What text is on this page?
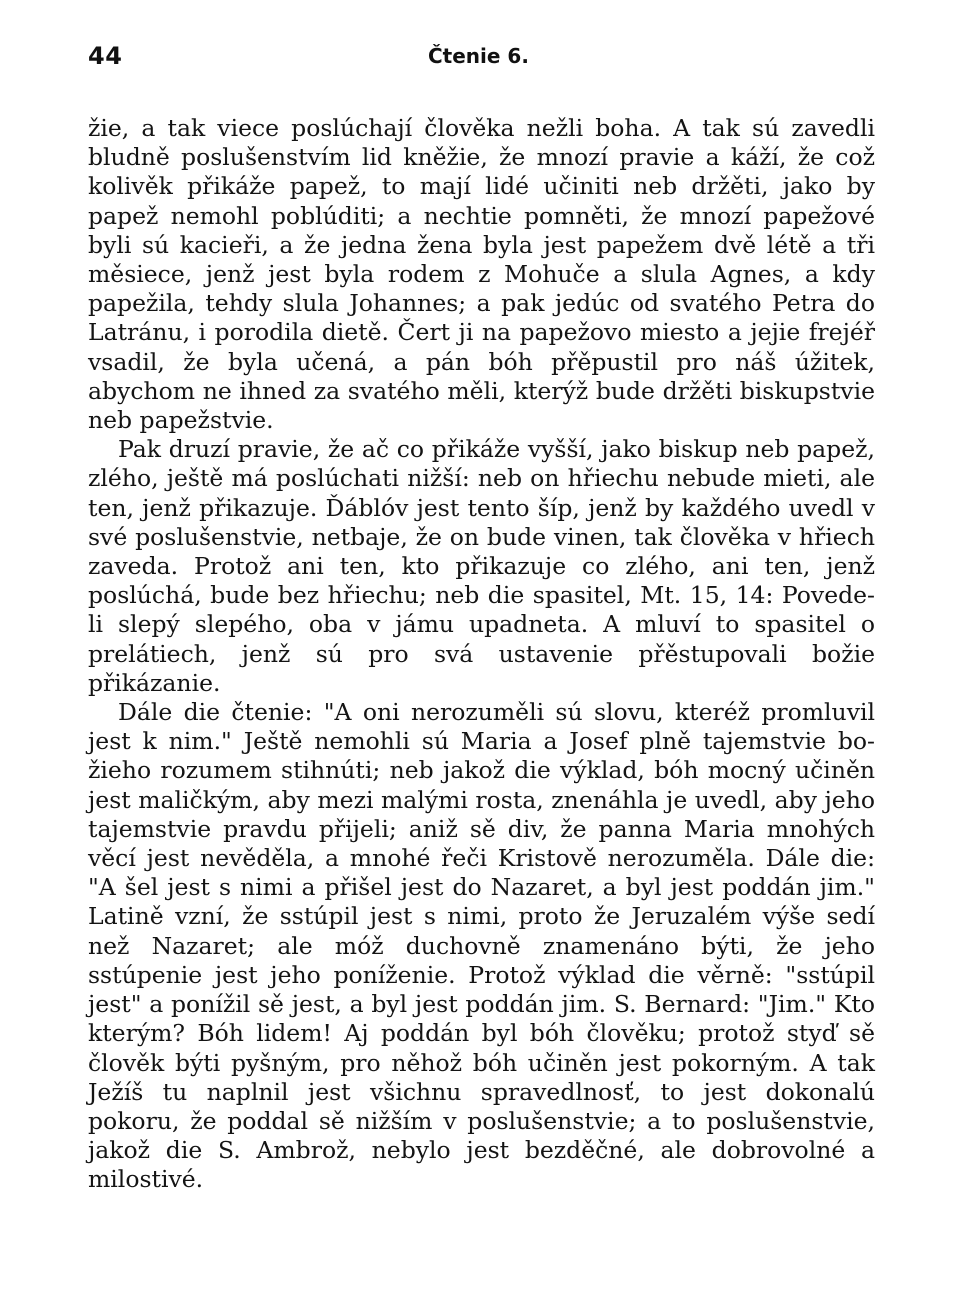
44	Čtenie 6.

žie, a tak viece poslúchají člověka nežli boha. A tak sú zavedli bludně poslušenstvím lid kněžie, že mnozí pravie a káží, že což kolivěk přikáže papež, to mají lidé učiniti neb držěti, jako by papež nemohl poblúditi; a nechtie pomněti, že mnozí papežové byli sú kacieři, a že jedna žena byla jest papežem dvě létě a tři měsiece, jenž jest byla rodem z Mohuče a slula Agnes, a kdy papežila, tehdy slula Johannes; a pak jedúc od svatého Petra do Latránu, i porodila dietě. Čert ji na papežovo miesto a jejie frejéř vsadil, že byla učená, a pán bóh přěpustil pro náš úžitek, abychom ne ihned za svatého měli, kterýž bude držěti biskupstvie neb papežstvie.

Pak druzí pravie, že ač co přikáže vyšší, jako biskup neb papež, zlého, ještě má poslúchati nižší: neb on hřiechu nebude mieti, ale ten, jenž přikazuje. Ďáblóv jest tento šíp, jenž by každého uvedl v své poslušenstvie, netbaje, že on bude vinen, tak člověka v hřiech zaveda. Protož ani ten, kto přikazuje co zlého, ani ten, jenž poslúchá, bude bez hřiechu; neb die spasitel, Mt. 15, 14: Povede-li slepý slepého, oba v jámu upadneta. A mluví to spasitel o prelátiech, jenž sú pro svá ustavenie přěstupovali božie přikázanie.

Dále die čtenie: "A oni nerozuměli sú slovu, kteréž promluvil jest k nim." Ještě nemohli sú Maria a Josef plně tajemstvie božieho rozumem stihnúti; neb jakož die výklad, bóh mocný učiněn jest maličkým, aby mezi malými rosta, znenáhla je uvedl, aby jeho tajemstvie pravdu přijeli; aniž sě div, že panna Maria mnohých věcí jest nevěděla, a mnohé řeči Kristově nerozuměla. Dále die: "A šel jest s nimi a přišel jest do Nazaret, a byl jest poddán jim." Latině vzní, že sstúpil jest s nimi, proto že Jeruzalém výše sedí než Nazaret; ale móž duchovně znamenáno býti, že jeho sstúpenie jest jeho poníženie. Protož výklad die věrně: "sstúpil jest" a ponížil sě jest, a byl jest poddán jim. S. Bernard: "Jim." Kto kterým? Bóh lidem! Aj poddán byl bóh člověku; protož styď sě člověk býti pyšným, pro něhož bóh učiněn jest pokorným. A tak Ježíš tu naplnil jest všichnu spravedlnosť, to jest dokonalú pokoru, že poddal sě nižším v poslušenstvie; a to poslušenstvie, jakož die S. Ambrož, nebylo jest bezděčné, ale dobrovolné a milostivé.
